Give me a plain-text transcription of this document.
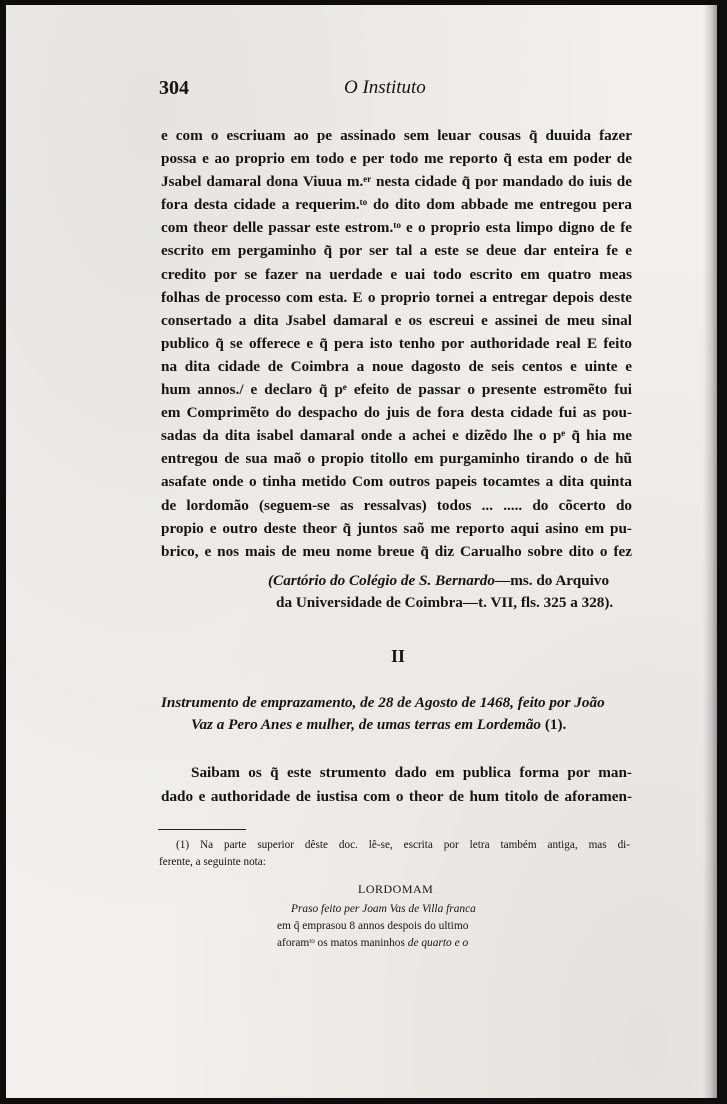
304	O Instituto
e com o escriuam ao pe assinado sem leuar cousas q̃ duuida fazer
possa e ao proprio em todo e per todo me reporto q̃ esta em poder de
Jsabel damaral dona Viuua m.ᵉʳ nesta cidade q̃ por mandado do iuis de
fora desta cidade a requerim.ᵗᵒ do dito dom abbade me entregou pera
com theor delle passar este estrom.ᵗᵒ e o proprio esta limpo digno de fe
escrito em pergaminho q̃ por ser tal a este se deue dar enteira fe e
credito por se fazer na uerdade e uai todo escrito em quatro meas
folhas de processo com esta. E o proprio tornei a entregar depois deste
consertado a dita Jsabel damaral e os escreui e assinei de meu sinal
publico q̃ se offerece e q̃ pera isto tenho por authoridade real E feito
na dita cidade de Coimbra a noue dagosto de seis centos e uinte e
hum annos./ e declaro q̃ pᵉ efeito de passar o presente estromẽto fui
em Comprimẽto do despacho do juis de fora desta cidade fui as pou-
sadas da dita isabel damaral onde a achei e dizẽdo lhe o pᵉ q̃ hia me
entregou de sua maõ o propio titollo em purgaminho tirando o de hũ
asafate onde o tinha metido Com outros papeis tocamtes a dita quinta
de lordomão (seguem-se as ressalvas) todos ... ..... do cõcerto do
propio e outro deste theor q̃ juntos saõ me reporto aqui asino em pu-
brico, e nos mais de meu nome breue q̃ diz Carualho sobre dito o fez
(Cartório do Colégio de S. Bernardo—ms. do Arquivo
da Universidade de Coimbra—t. VII, fls. 325 a 328).
II
Instrumento de emprazamento, de 28 de Agosto de 1468, feito por João
Vaz a Pero Anes e mulher, de umas terras em Lordemão (1).
Saibam os q̃ este strumento dado em publica forma por man-
dado e authoridade de iustisa com o theor de hum titolo de aforamen-
(1) Na parte superior dêste doc. lê-se, escrita por letra também antiga, mas di-
ferente, a seguinte nota:
LORDOMAM
Praso feito per Joam Vas de Villa franca
em q̃ emprasou 8 annos despois do ultimo
aforamᵗᵒ os matos maninhos de quarto e o
